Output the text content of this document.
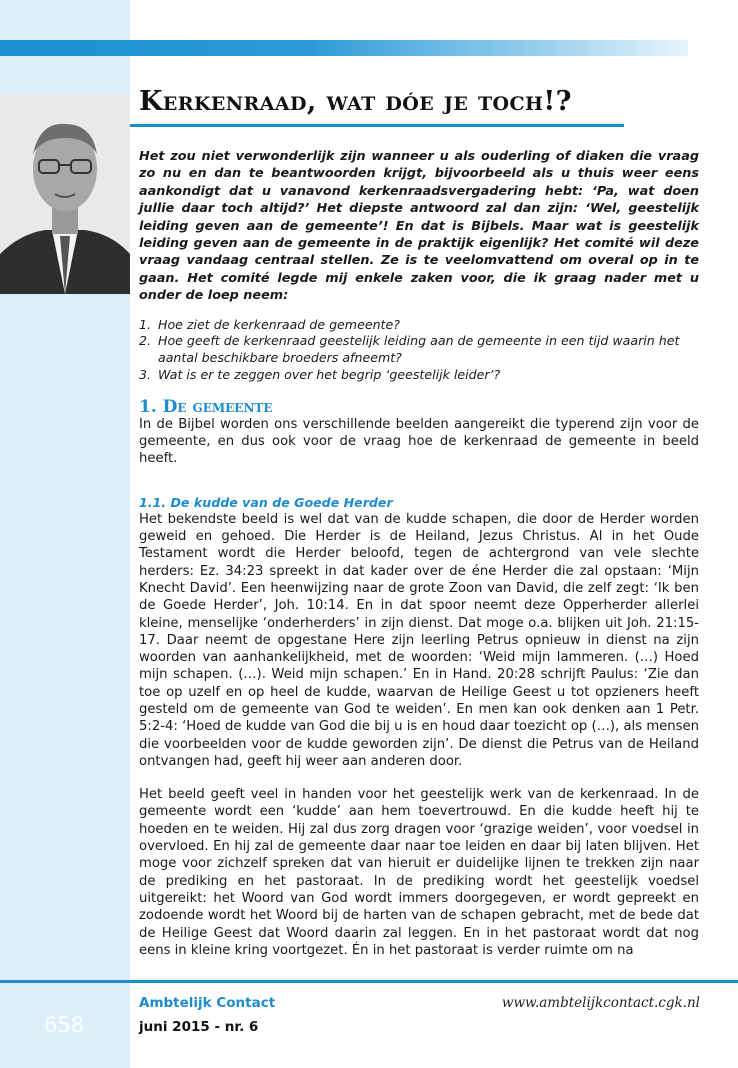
Kerkenraad, wat dóe je toch!?

Het zou niet verwonderlijk zijn wanneer u als ouderling of diaken die vraag zo nu en dan te beantwoorden krijgt, bijvoorbeeld als u thuis weer eens aankondigt dat u vanavond kerkenraadsvergadering hebt: ‘Pa, wat doen jullie daar toch altijd?’ Het diepste antwoord zal dan zijn: ‘Wel, geestelijk leiding geven aan de gemeente’! En dat is Bijbels. Maar wat is geestelijk leiding geven aan de gemeente in de praktijk eigenlijk? Het comité wil deze vraag vandaag centraal stellen. Ze is te veelomvattend om overal op in te gaan. Het comité legde mij enkele zaken voor, die ik graag nader met u onder de loep neem:

1. Hoe ziet de kerkenraad de gemeente?
2. Hoe geeft de kerkenraad geestelijk leiding aan de gemeente in een tijd waarin het aantal beschikbare broeders afneemt?
3. Wat is er te zeggen over het begrip ‘geestelijk leider’?
1. De gemeente

In de Bijbel worden ons verschillende beelden aangereikt die typerend zijn voor de gemeente, en dus ook voor de vraag hoe de kerkenraad de gemeente in beeld heeft.

1.1. De kudde van de Goede Herder

Het bekendste beeld is wel dat van de kudde schapen, die door de Herder worden geweid en gehoed. Die Herder is de Heiland, Jezus Christus. Al in het Oude Testament wordt die Herder beloofd, tegen de achtergrond van vele slechte herders: Ez. 34:23 spreekt in dat kader over de éne Herder die zal opstaan: ‘Mijn Knecht David’. Een heenwijzing naar de grote Zoon van David, die zelf zegt: ‘Ik ben de Goede Herder’, Joh. 10:14. En in dat spoor neemt deze Opperherder allerlei kleine, menselijke ‘onderherders’ in zijn dienst. Dat moge o.a. blijken uit Joh. 21:15-17. Daar neemt de opgestane Here zijn leerling Petrus opnieuw in dienst na zijn woorden van aanhankelijkheid, met de woorden: ‘Weid mijn lammeren. (…) Hoed mijn schapen. (…). Weid mijn schapen.’ En in Hand. 20:28 schrijft Paulus: ‘Zie dan toe op uzelf en op heel de kudde, waarvan de Heilige Geest u tot opzieners heeft gesteld om de gemeente van God te weiden’. En men kan ook denken aan 1 Petr. 5:2-4: ‘Hoed de kudde van God die bij u is en houd daar toezicht op (…), als mensen die voorbeelden voor de kudde geworden zijn’. De dienst die Petrus van de Heiland ontvangen had, geeft hij weer aan anderen door.

Het beeld geeft veel in handen voor het geestelijk werk van de kerkenraad. In de gemeente wordt een ‘kudde’ aan hem toevertrouwd. En die kudde heeft hij te hoeden en te weiden. Hij zal dus zorg dragen voor ‘grazige weiden’, voor voedsel in overvloed. En hij zal de gemeente daar naar toe leiden en daar bij laten blijven. Het moge voor zichzelf spreken dat van hieruit er duidelijke lijnen te trekken zijn naar de prediking en het pastoraat. In de prediking wordt het geestelijk voedsel uitgereikt: het Woord van God wordt immers doorgegeven, er wordt gepreekt en zodoende wordt het Woord bij de harten van de schapen gebracht, met de bede dat de Heilige Geest dat Woord daarin zal leggen. En in het pastoraat wordt dat nog eens in kleine kring voortgezet. Én in het pastoraat is verder ruimte om na

658
Ambtelijk Contact
juni 2015 - nr. 6
www.ambtelijkcontact.cgk.nl
